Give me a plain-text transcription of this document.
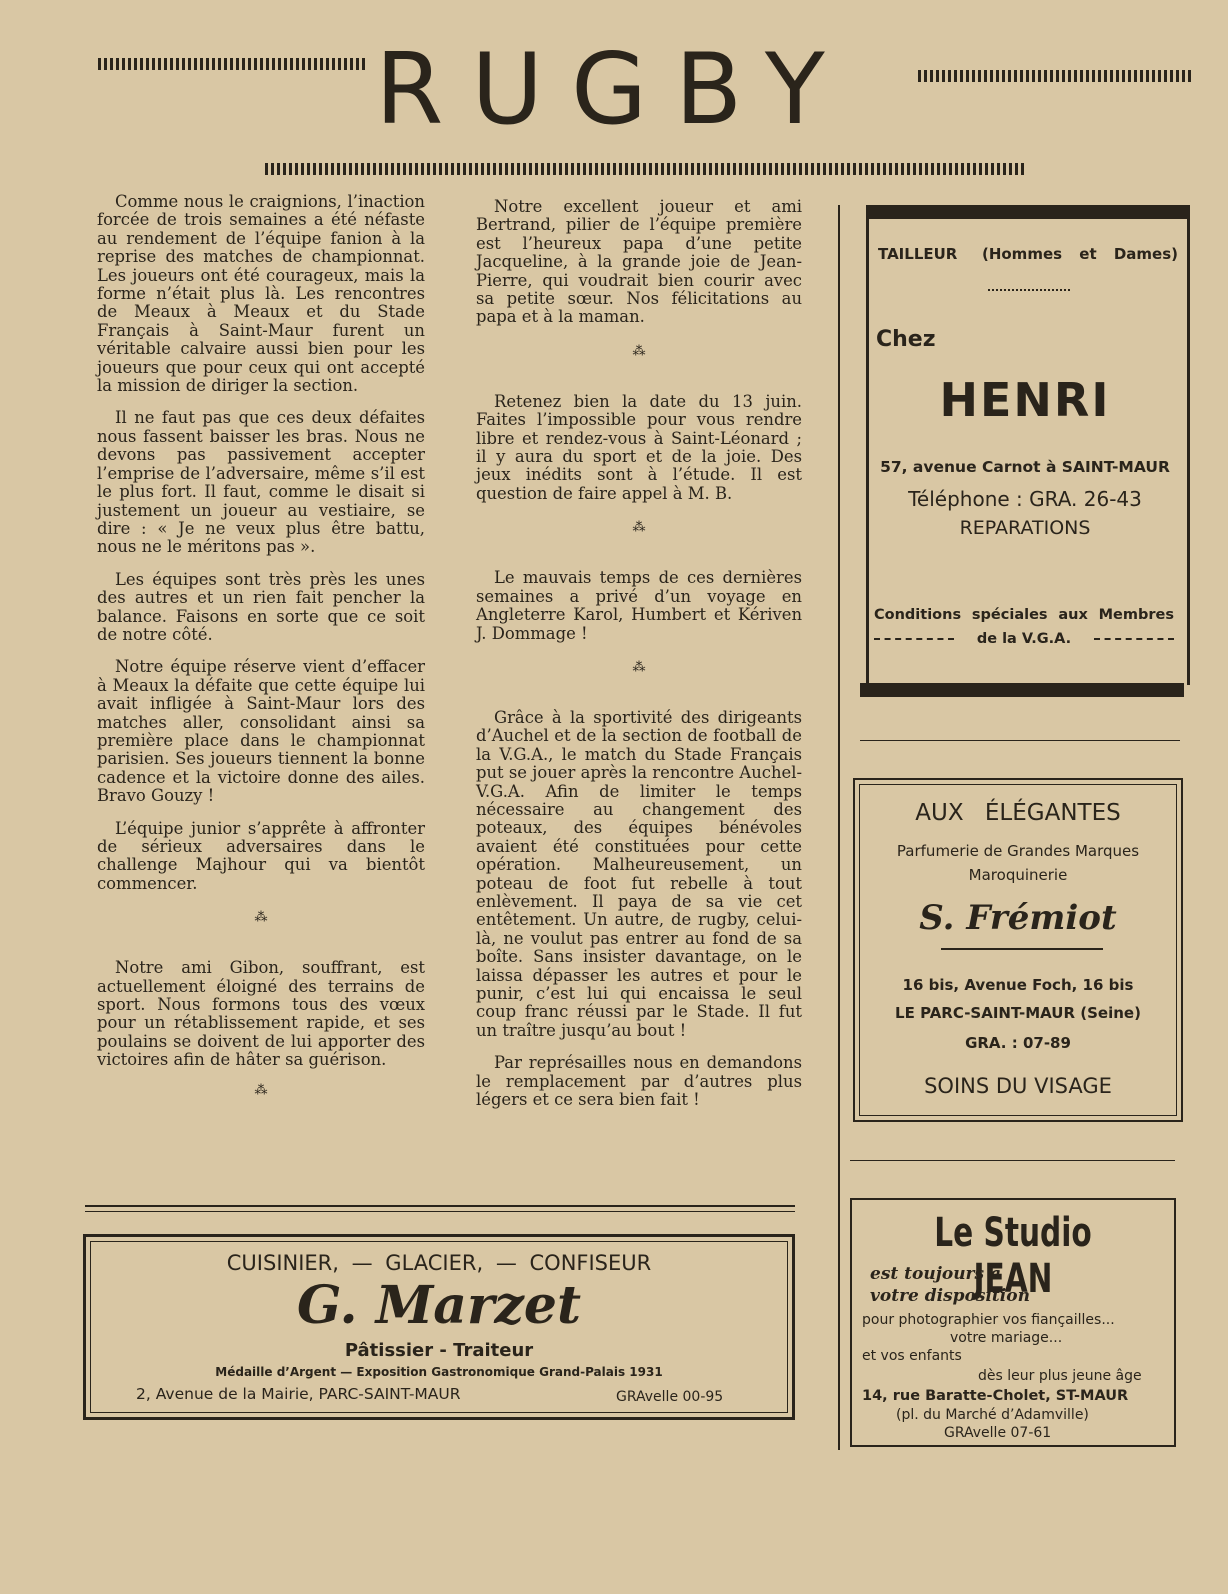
RUGBY

Comme nous le craignions, l’inaction forcée de trois semaines a été néfaste au rendement de l’équipe fanion à la reprise des matches de championnat. Les joueurs ont été courageux, mais la forme n’était plus là. Les rencontres de Meaux à Meaux et du Stade Français à Saint-Maur furent un véritable calvaire aussi bien pour les joueurs que pour ceux qui ont accepté la mission de diriger la section.

Il ne faut pas que ces deux défaites nous fassent baisser les bras. Nous ne devons pas passivement accepter l’emprise de l’adversaire, même s’il est le plus fort. Il faut, comme le disait si justement un joueur au vestiaire, se dire : « Je ne veux plus être battu, nous ne le méritons pas ».

Les équipes sont très près les unes des autres et un rien fait pencher la balance. Faisons en sorte que ce soit de notre côté.

Notre équipe réserve vient d’effacer à Meaux la défaite que cette équipe lui avait infligée à Saint-Maur lors des matches aller, consolidant ainsi sa première place dans le championnat parisien. Ses joueurs tiennent la bonne cadence et la victoire donne des ailes. Bravo Gouzy !

L’équipe junior s’apprête à affronter de sérieux adversaires dans le challenge Majhour qui va bientôt commencer.

⁂

Notre ami Gibon, souffrant, est actuellement éloigné des terrains de sport. Nous formons tous des vœux pour un rétablissement rapide, et ses poulains se doivent de lui apporter des victoires afin de hâter sa guérison.

⁂

Notre excellent joueur et ami Bertrand, pilier de l’équipe première est l’heureux papa d’une petite Jacqueline, à la grande joie de Jean-Pierre, qui voudrait bien courir avec sa petite sœur. Nos félicitations au papa et à la maman.

⁂

Retenez bien la date du 13 juin. Faites l’impossible pour vous rendre libre et rendez-vous à Saint-Léonard ; il y aura du sport et de la joie. Des jeux inédits sont à l’étude. Il est question de faire appel à M. B.

⁂

Le mauvais temps de ces dernières semaines a privé d’un voyage en Angleterre Karol, Humbert et Kériven J. Dommage !

⁂

Grâce à la sportivité des dirigeants d’Auchel et de la section de football de la V.G.A., le match du Stade Français put se jouer après la rencontre Auchel-V.G.A. Afin de limiter le temps nécessaire au changement des poteaux, des équipes bénévoles avaient été constituées pour cette opération. Malheureusement, un poteau de foot fut rebelle à tout enlèvement. Il paya de sa vie cet entêtement. Un autre, de rugby, celui-là, ne voulut pas entrer au fond de sa boîte. Sans insister davantage, on le laissa dépasser les autres et pour le punir, c’est lui qui encaissa le seul coup franc réussi par le Stade. Il fut un traître jusqu’au bout !

Par représailles nous en demandons le remplacement par d’autres plus légers et ce sera bien fait !

TAILLEUR (Hommes et Dames)
Chez
HENRI
57, avenue Carnot à SAINT-MAUR
Téléphone : GRA. 26-43
REPARATIONS
Conditions spéciales aux Membres
de la V.G.A.
AUX ÉLÉGANTES
Parfumerie de Grandes Marques
Maroquinerie
S. Frémiot
16 bis, Avenue Foch, 16 bis
LE PARC-SAINT-MAUR (Seine)
GRA. : 07-89
SOINS DU VISAGE
Le Studio JEAN
est toujours à
votre disposition
pour photographier vos fiançailles...
votre mariage...
et vos enfants
dès leur plus jeune âge
14, rue Baratte-Cholet, ST-MAUR
(pl. du Marché d’Adamville)
GRAvelle 07-61
CUISINIER, — GLACIER, — CONFISEUR
G. Marzet
Pâtissier - Traiteur
Médaille d’Argent — Exposition Gastronomique Grand-Palais 1931
2, Avenue de la Mairie, PARC-SAINT-MAUR	GRAvelle 00-95
